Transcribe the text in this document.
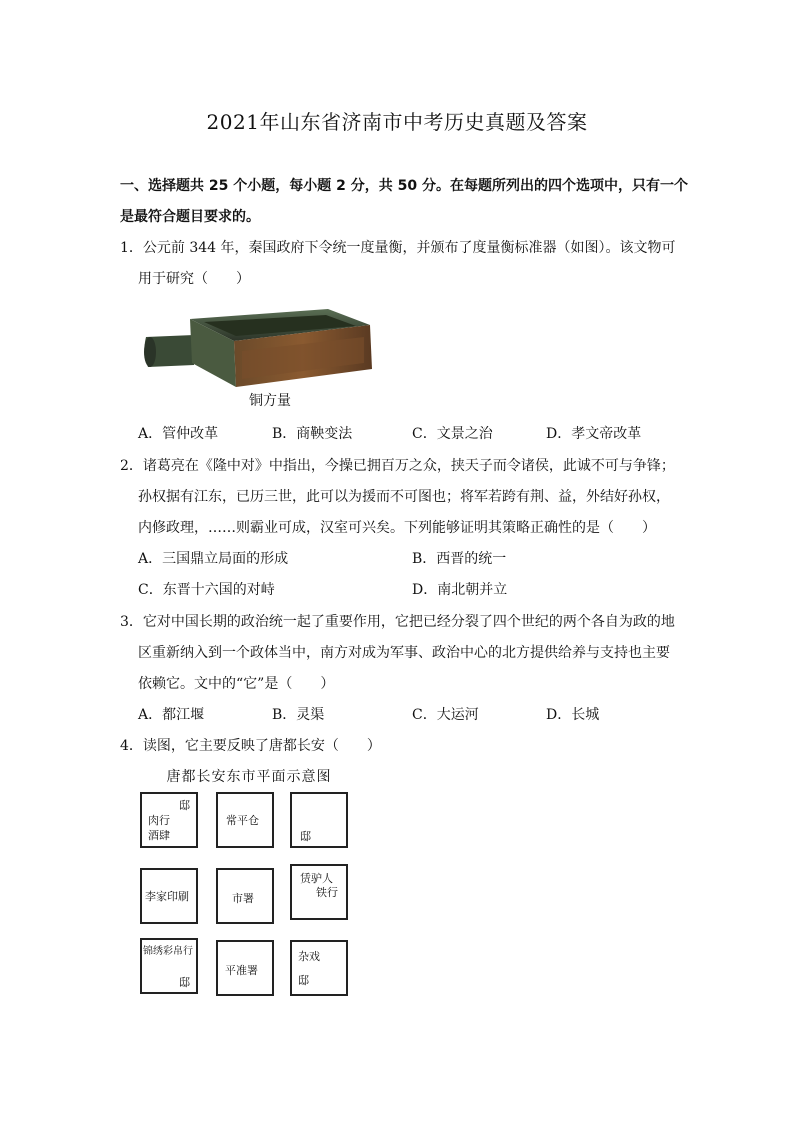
2021年山东省济南市中考历史真题及答案
一、选择题共 25 个小题，每小题 2 分，共 50 分。在每题所列出的四个选项中，只有一个
是最符合题目要求的。
1．公元前 344 年，秦国政府下令统一度量衡，并颁布了度量衡标准器（如图）。该文物可
用于研究（　　）
铜方量
A．管仲改革	B．商鞅变法	C．文景之治	D．孝文帝改革
2．诸葛亮在《隆中对》中指出，今操已拥百万之众，挟天子而令诸侯，此诚不可与争锋；
孙权据有江东，已历三世，此可以为援而不可图也；将军若跨有荆、益，外结好孙权，
内修政理，……则霸业可成，汉室可兴矣。下列能够证明其策略正确性的是（　　）
A．三国鼎立局面的形成	B．西晋的统一
C．东晋十六国的对峙	D．南北朝并立
3．它对中国长期的政治统一起了重要作用，它把已经分裂了四个世纪的两个各自为政的地
区重新纳入到一个政体当中，南方对成为军事、政治中心的北方提供给养与支持也主要
依赖它。文中的“它”是（　　）
A．都江堰	B．灵渠	C．大运河	D．长城
4．读图，它主要反映了唐都长安（　　）
唐都长安东市平面示意图
邸
肉行
酒肆
常平仓
邸
李家印刷	市署
赁驴人
铁行
锦绣彩帛行
邸
平准署
杂戏
邸
